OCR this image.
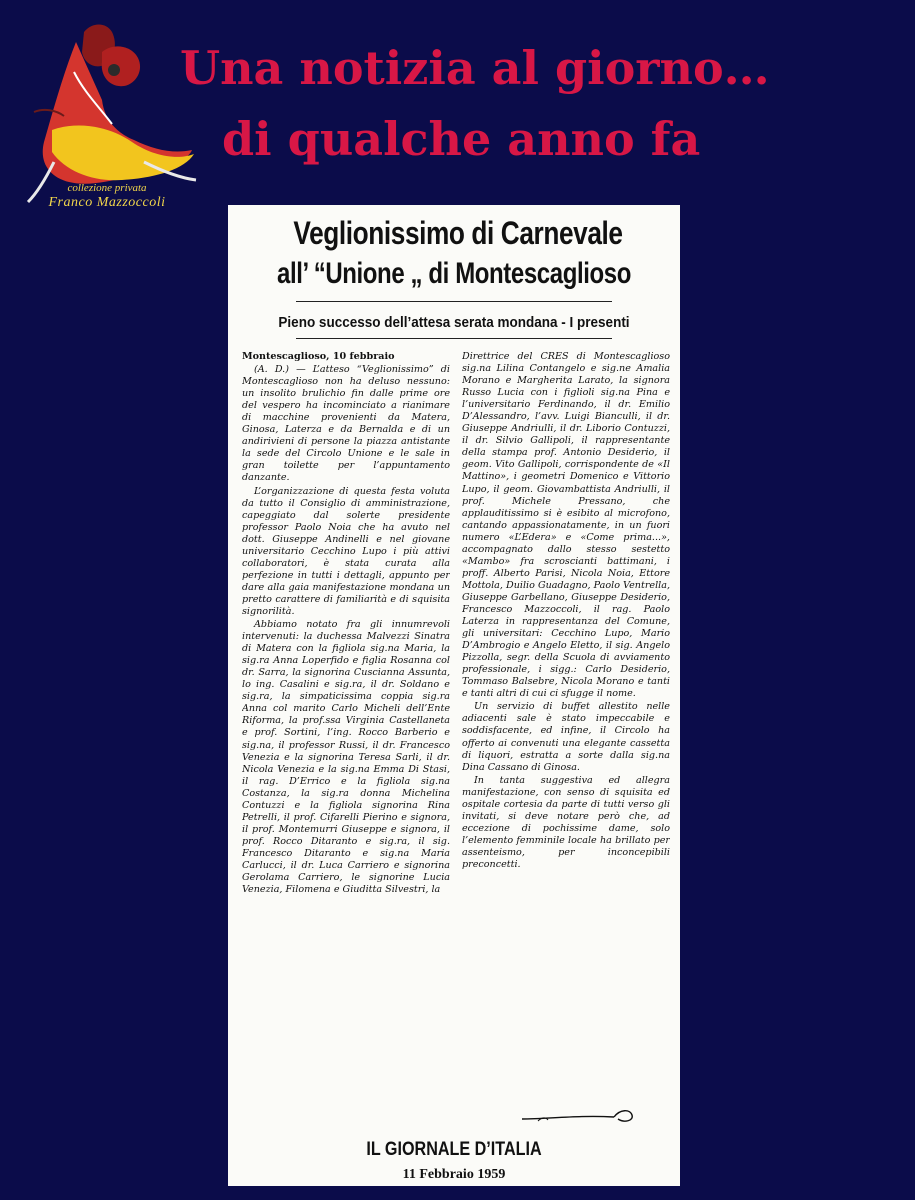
collezione privata
Franco Mazzoccoli
Una notizia al giorno…
di qualche anno fa
Veglionissimo di Carnevale
all’ “Unione „ di Montescaglioso
Pieno successo dell’attesa serata mondana - I presenti

Montescaglioso, 10 febbraio

(A. D.) — L’atteso “Veglionissimo” di Montescaglioso non ha deluso nessuno: un insolito brulichio fin dalle prime ore del vespero ha incominciato a rianimare di macchine provenienti da Matera, Ginosa, Laterza e da Bernalda e di un andirivieni di persone la piazza antistante la sede del Circolo Unione e le sale in gran toilette per l’appuntamento danzante.

L’organizzazione di questa festa voluta da tutto il Consiglio di amministrazione, capeggiato dal solerte presidente professor Paolo Noia che ha avuto nel dott. Giuseppe Andinelli e nel giovane universitario Cecchino Lupo i più attivi collaboratori, è stata curata alla perfezione in tutti i dettagli, appunto per dare alla gaia manifestazione mondana un pretto carattere di familiarità e di squisita signorilità.

Abbiamo notato fra gli innumrevoli intervenuti: la duchessa Malvezzi Sinatra di Matera con la figliola sig.na Maria, la sig.ra Anna Loperfido e figlia Rosanna col dr. Sarra, la signorina Cuscianna Assunta, lo ing. Casalini e sig.ra, il dr. Soldano e sig.ra, la simpaticissima coppia sig.ra Anna col marito Carlo Micheli dell’Ente Riforma, la prof.ssa Virginia Castellaneta e prof. Sortini, l’ing. Rocco Barberio e sig.na, il professor Russi, il dr. Francesco Venezia e la signorina Teresa Sarli, il dr. Nicola Venezia e la sig.na Emma Di Stasi, il rag. D’Errico e la figliola sig.na Costanza, la sig.ra donna Michelina Contuzzi e la figliola signorina Rina Petrelli, il prof. Cifarelli Pierino e signora, il prof. Montemurri Giuseppe e signora, il prof. Rocco Ditaranto e sig.ra, il sig. Francesco Ditaranto e sig.na Maria Carlucci, il dr. Luca Carriero e signorina Gerolama Carriero, le signorine Lucia Venezia, Filomena e Giuditta Silvestri, la

Direttrice del CRES di Montescaglioso sig.na Lilina Contangelo e sig.ne Amalia Morano e Margherita Larato, la signora Russo Lucia con i figlioli sig.na Pina e l’universitario Ferdinando, il dr. Emilio D’Alessandro, l’avv. Luigi Bianculli, il dr. Giuseppe Andriulli, il dr. Liborio Contuzzi, il dr. Silvio Gallipoli, il rappresentante della stampa prof. Antonio Desiderio, il geom. Vito Gallipoli, corrispondente de «Il Mattino», i geometri Domenico e Vittorio Lupo, il geom. Giovambattista Andriulli, il prof. Michele Pressano, che applauditissimo si è esibito al microfono, cantando appassionatamente, in un fuori numero «L’Edera» e «Come prima...», accompagnato dallo stesso sestetto «Mambo» fra scroscianti battimani, i proff. Alberto Parisi, Nicola Noia, Ettore Mottola, Duilio Guadagno, Paolo Ventrella, Giuseppe Garbellano, Giuseppe Desiderio, Francesco Mazzoccoli, il rag. Paolo Laterza in rappresentanza del Comune, gli universitari: Cecchino Lupo, Mario D’Ambrogio e Angelo Eletto, il sig. Angelo Pizzolla, segr. della Scuola di avviamento professionale, i sigg.: Carlo Desiderio, Tommaso Balsebre, Nicola Morano e tanti e tanti altri di cui ci sfugge il nome.

Un servizio di buffet allestito nelle adiacenti sale è stato impeccabile e soddisfacente, ed infine, il Circolo ha offerto ai convenuti una elegante cassetta di liquori, estratta a sorte dalla sig.na Dina Cassano di Ginosa.

In tanta suggestiva ed allegra manifestazione, con senso di squisita ed ospitale cortesia da parte di tutti verso gli invitati, si deve notare però che, ad eccezione di pochissime dame, solo l’elemento femminile locale ha brillato per assenteismo, per inconcepibili preconcetti.

IL GIORNALE D’ITALIA
11 Febbraio 1959
